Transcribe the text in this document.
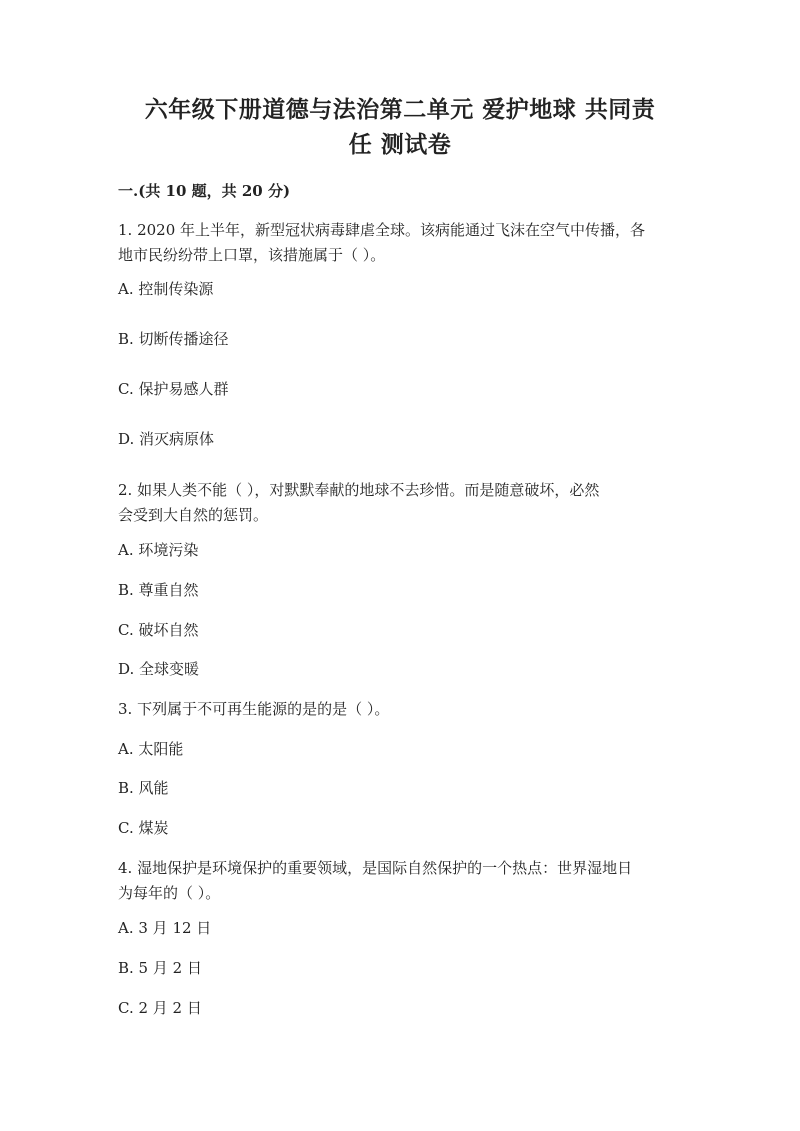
六年级下册道德与法治第二单元 爱护地球 共同责
任 测试卷
一.(共 10 题，共 20 分)
1. 2020 年上半年，新型冠状病毒肆虐全球。该病能通过飞沫在空气中传播，各
地市民纷纷带上口罩，该措施属于（ ）。
A. 控制传染源
B. 切断传播途径
C. 保护易感人群
D. 消灭病原体
2. 如果人类不能（ ），对默默奉献的地球不去珍惜。而是随意破坏，必然
会受到大自然的惩罚。
A. 环境污染
B. 尊重自然
C. 破坏自然
D. 全球变暖
3. 下列属于不可再生能源的是的是（ ）。
A. 太阳能
B. 风能
C. 煤炭
4. 湿地保护是环境保护的重要领域，是国际自然保护的一个热点：世界湿地日
为每年的（ ）。
A. 3 月 12 日
B. 5 月 2 日
C. 2 月 2 日
